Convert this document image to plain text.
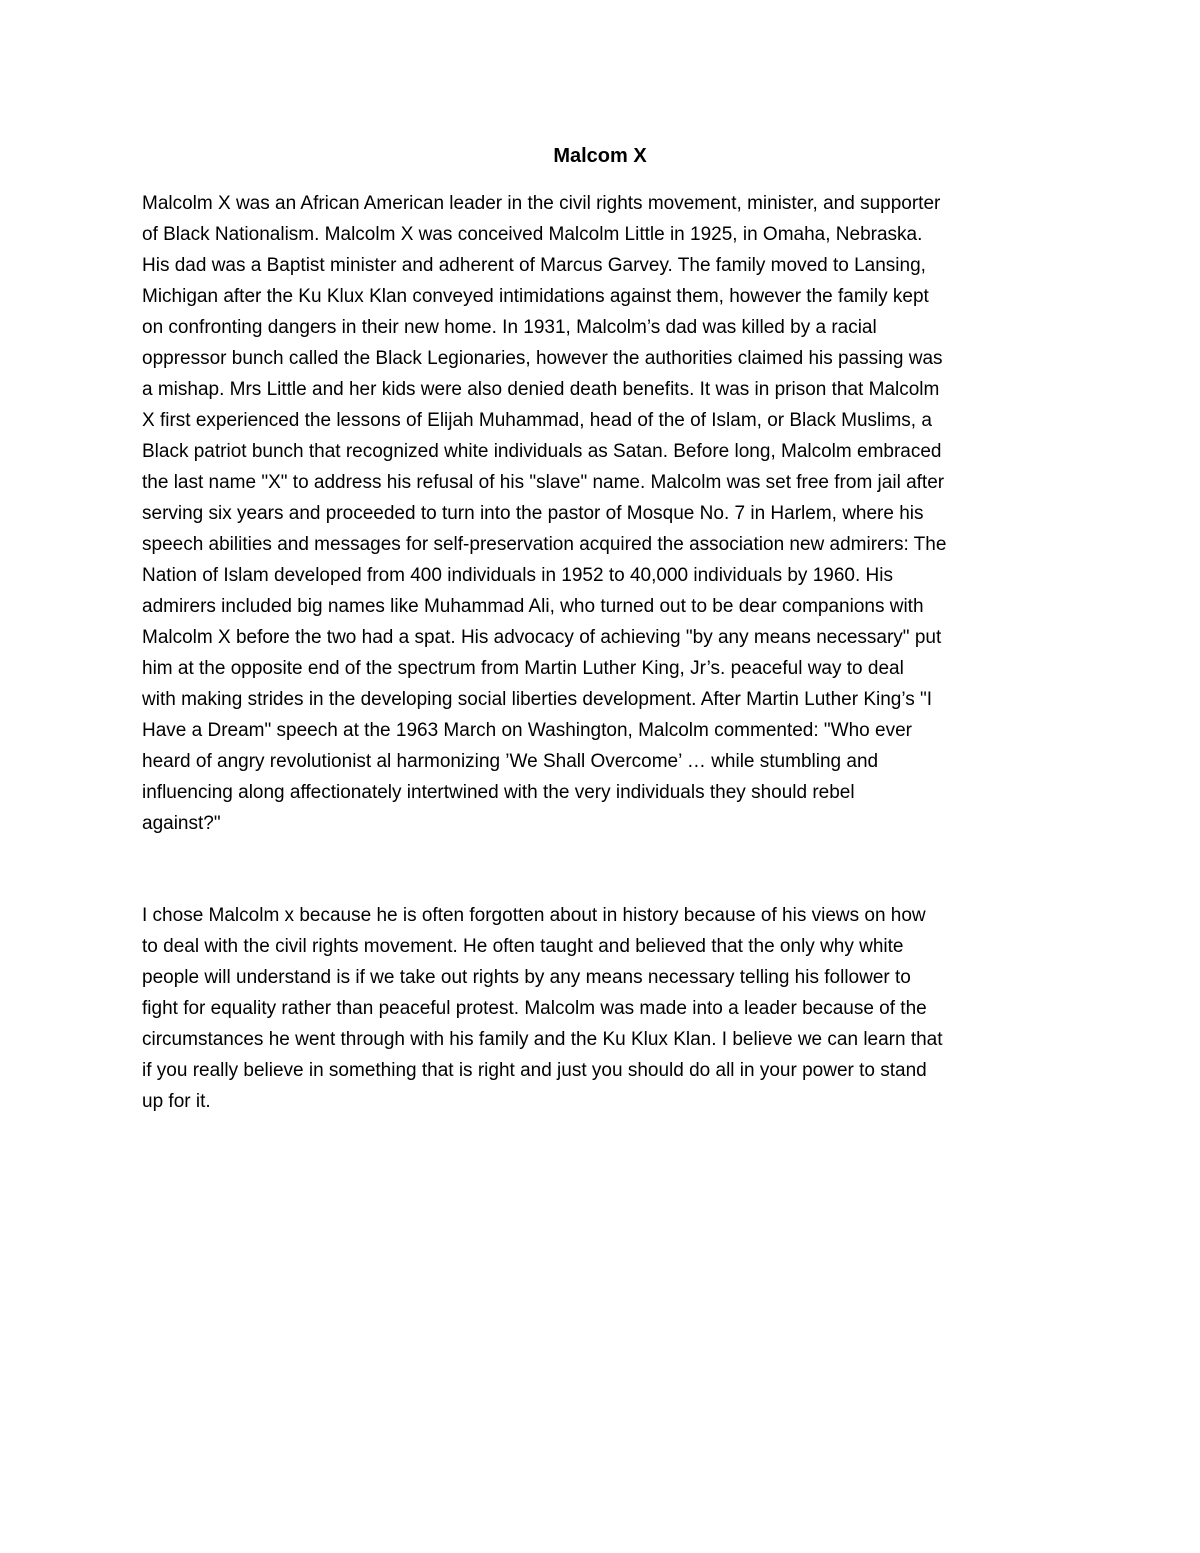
Malcom X

Malcolm X was an African American leader in the civil rights movement, minister, and supporter
of Black Nationalism. Malcolm X was conceived Malcolm Little in 1925, in Omaha, Nebraska.
His dad was a Baptist minister and adherent of Marcus Garvey. The family moved to Lansing,
Michigan after the Ku Klux Klan conveyed intimidations against them, however the family kept
on confronting dangers in their new home. In 1931, Malcolm’s dad was killed by a racial
oppressor bunch called the Black Legionaries, however the authorities claimed his passing was
a mishap. Mrs Little and her kids were also denied death benefits. It was in prison that Malcolm
X first experienced the lessons of Elijah Muhammad, head of the of Islam, or Black Muslims, a
Black patriot bunch that recognized white individuals as Satan. Before long, Malcolm embraced
the last name "X" to address his refusal of his "slave" name. Malcolm was set free from jail after
serving six years and proceeded to turn into the pastor of Mosque No. 7 in Harlem, where his
speech abilities and messages for self-preservation acquired the association new admirers: The
Nation of Islam developed from 400 individuals in 1952 to 40,000 individuals by 1960. His
admirers included big names like Muhammad Ali, who turned out to be dear companions with
Malcolm X before the two had a spat. His advocacy of achieving "by any means necessary" put
him at the opposite end of the spectrum from Martin Luther King, Jr’s. peaceful way to deal
with making strides in the developing social liberties development. After Martin Luther King’s "I
Have a Dream" speech at the 1963 March on Washington, Malcolm commented: "Who ever
heard of angry revolutionist al harmonizing ’We Shall Overcome’ … while stumbling and
influencing along affectionately intertwined with the very individuals they should rebel
against?"

I chose Malcolm x because he is often forgotten about in history because of his views on how
to deal with the civil rights movement. He often taught and believed that the only why white
people will understand is if we take out rights by any means necessary telling his follower to
fight for equality rather than peaceful protest. Malcolm was made into a leader because of the
circumstances he went through with his family and the Ku Klux Klan. I believe we can learn that
if you really believe in something that is right and just you should do all in your power to stand
up for it.
